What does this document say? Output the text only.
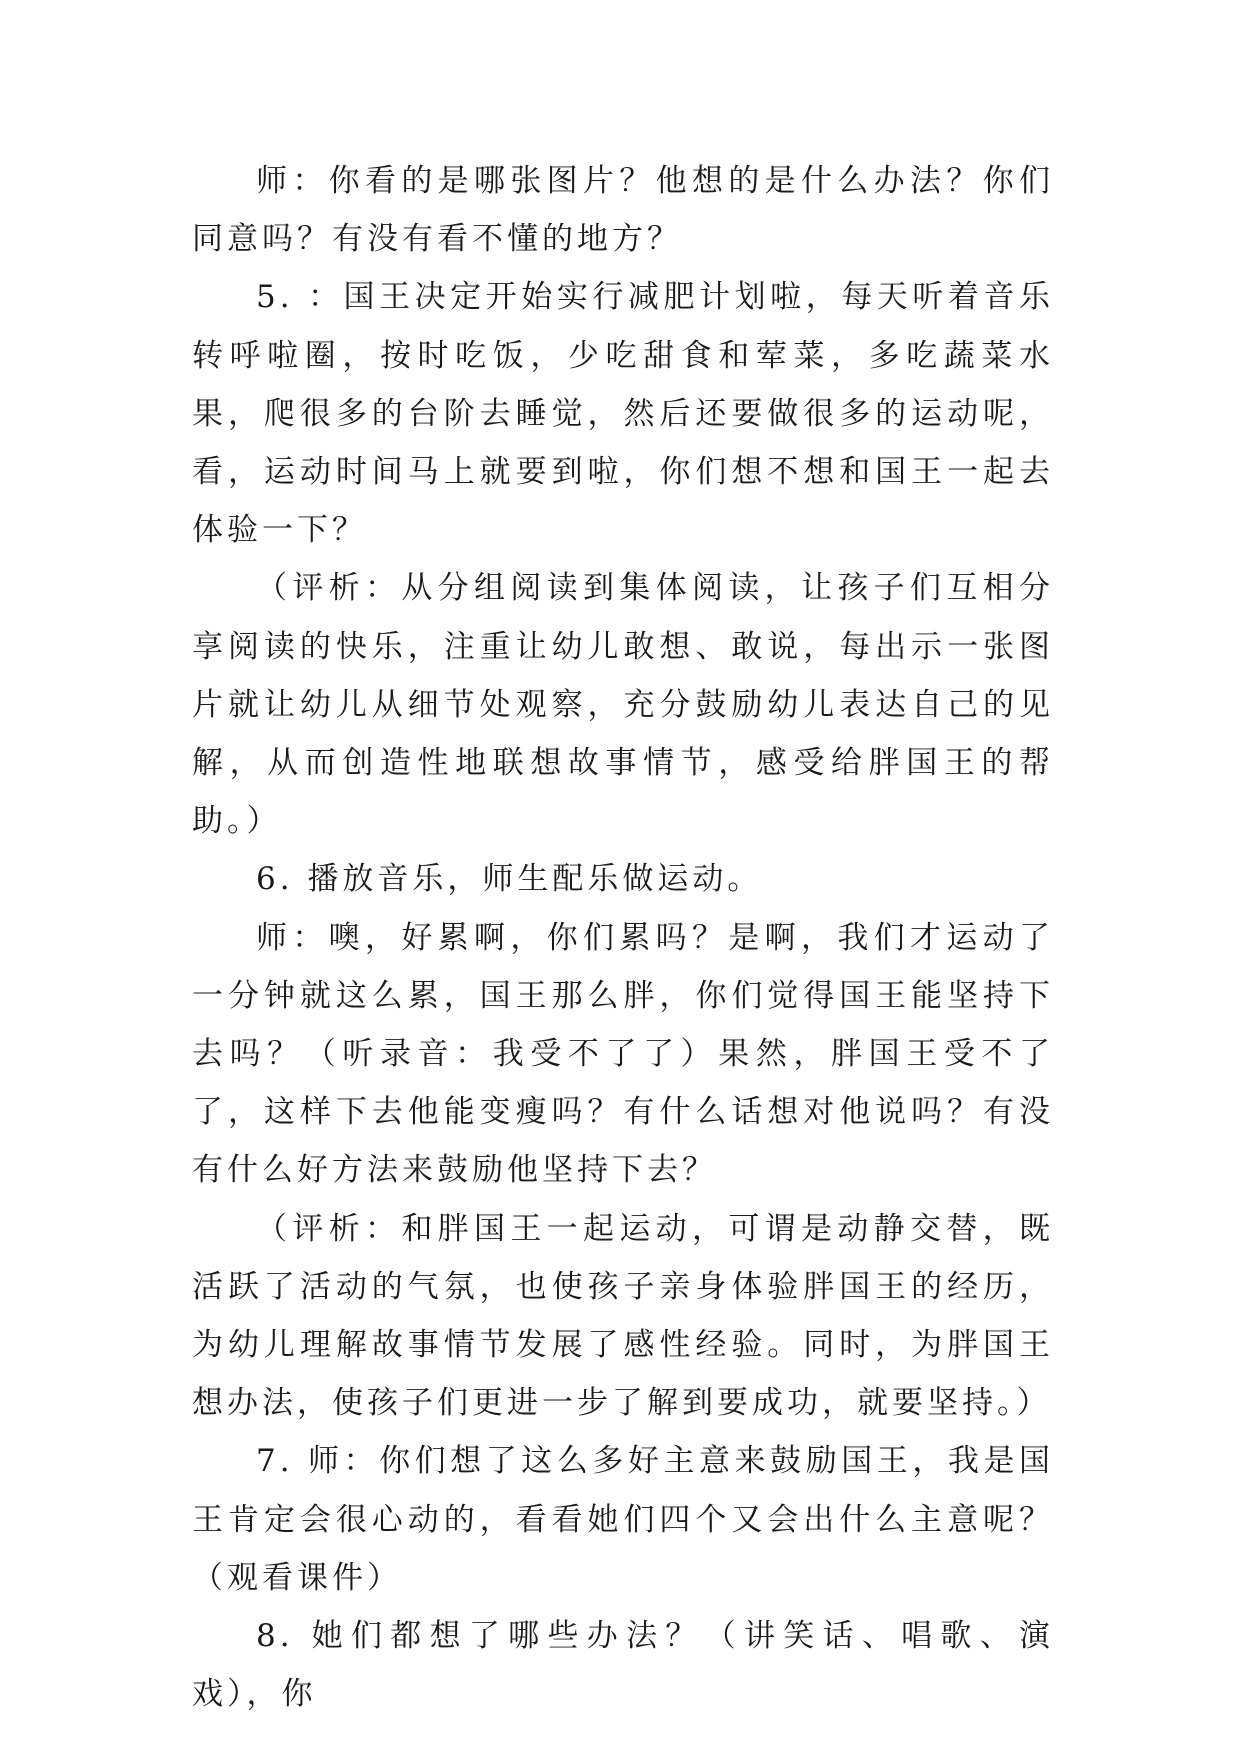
师：你看的是哪张图片？他想的是什么办法？你们同意吗？有没有看不懂的地方？

5. ：国王决定开始实行减肥计划啦，每天听着音乐转呼啦圈，按时吃饭，少吃甜食和荤菜，多吃蔬菜水果，爬很多的台阶去睡觉，然后还要做很多的运动呢，看，运动时间马上就要到啦，你们想不想和国王一起去体验一下？

（评析：从分组阅读到集体阅读，让孩子们互相分享阅读的快乐，注重让幼儿敢想、敢说，每出示一张图片就让幼儿从细节处观察，充分鼓励幼儿表达自己的见解，从而创造性地联想故事情节，感受给胖国王的帮助。）

6. 播放音乐，师生配乐做运动。

师：噢，好累啊，你们累吗？是啊，我们才运动了一分钟就这么累，国王那么胖，你们觉得国王能坚持下去吗？（听录音：我受不了了）果然，胖国王受不了了，这样下去他能变瘦吗？有什么话想对他说吗？有没有什么好方法来鼓励他坚持下去？

（评析：和胖国王一起运动，可谓是动静交替，既活跃了活动的气氛，也使孩子亲身体验胖国王的经历，为幼儿理解故事情节发展了感性经验。同时，为胖国王想办法，使孩子们更进一步了解到要成功，就要坚持。）

7. 师：你们想了这么多好主意来鼓励国王，我是国王肯定会很心动的，看看她们四个又会出什么主意呢？（观看课件）

8. 她们都想了哪些办法？（讲笑话、唱歌、演戏），你
